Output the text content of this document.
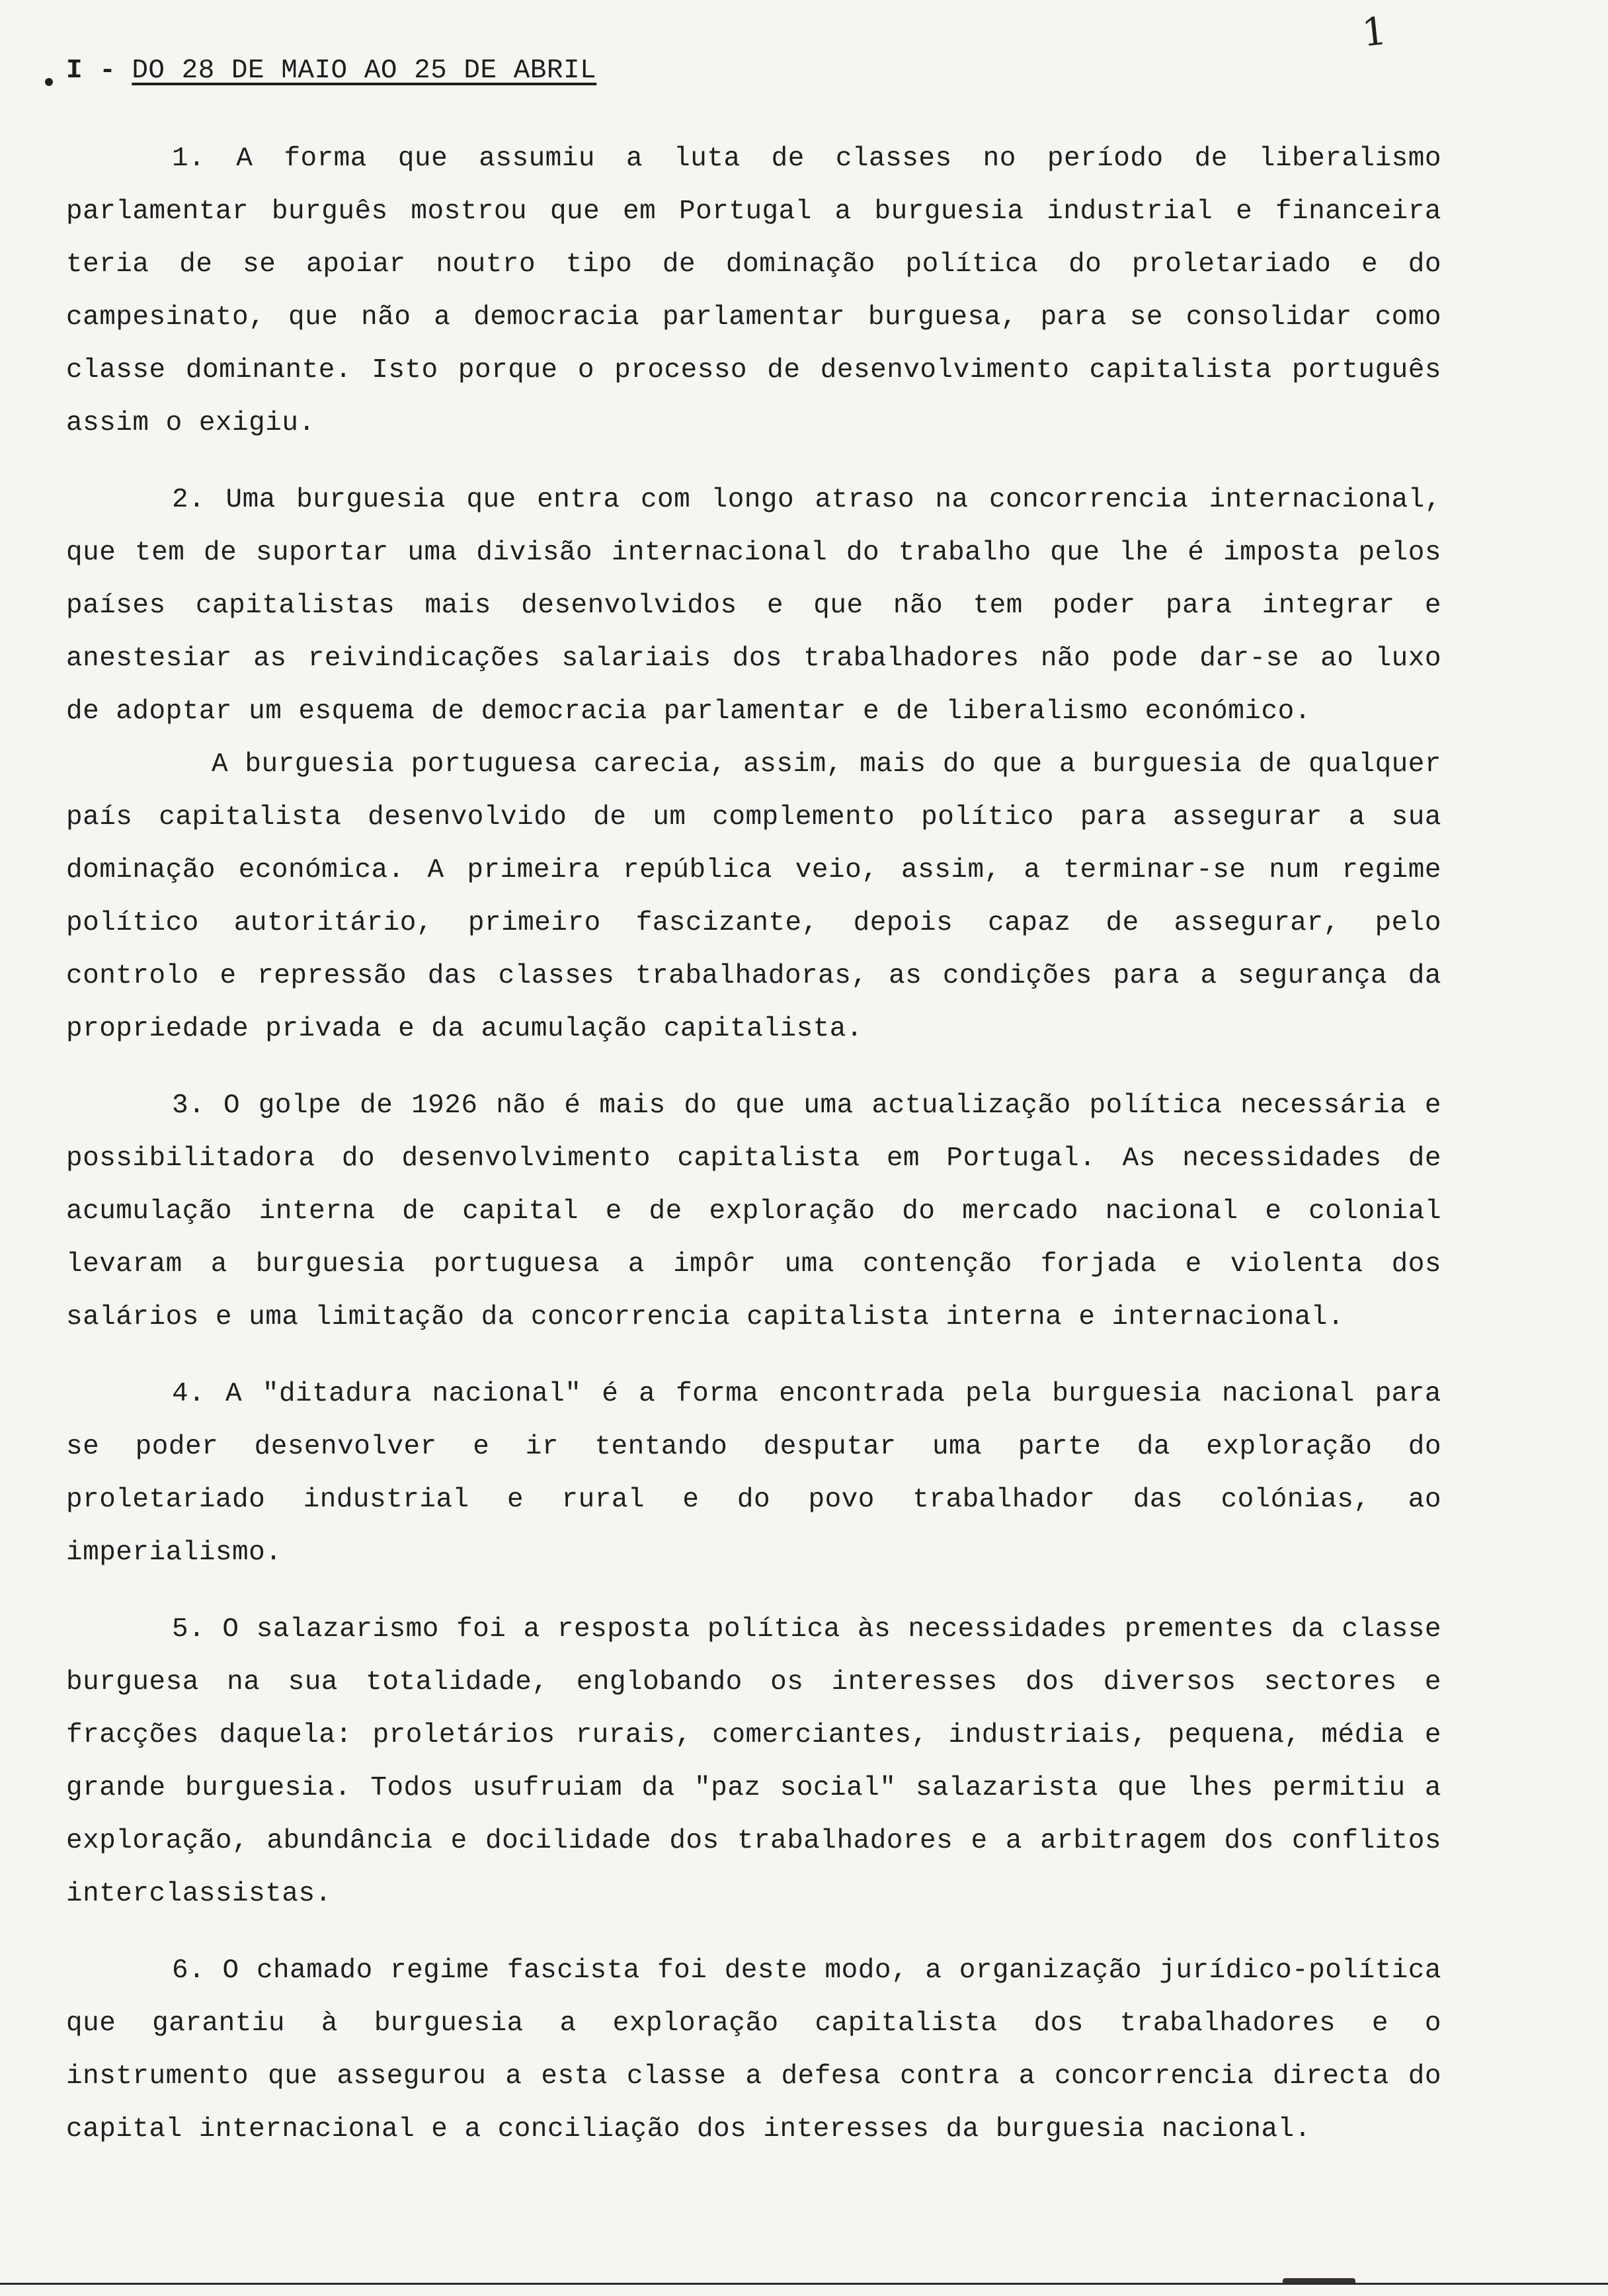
1
I - DO 28 DE MAIO AO 25 DE ABRIL

1. A forma que assumiu a luta de classes no período de liberalismo parlamentar burguês mostrou que em Portugal a burguesia industrial e financeira teria de se apoiar noutro tipo de dominação política do proletariado e do campesinato, que não a democracia parlamentar burguesa, para se consolidar como classe dominante. Isto porque o processo de desenvolvimento capitalista português assim o exigiu.

2. Uma burguesia que entra com longo atraso na concorrencia internacional, que tem de suportar uma divisão internacional do trabalho que lhe é imposta pelos países capitalistas mais desenvolvidos e que não tem poder para integrar e anestesiar as reivindicações salariais dos trabalhadores não pode dar-se ao luxo de adoptar um esquema de democracia parlamentar e de liberalismo económico.

A burguesia portuguesa carecia, assim, mais do que a burguesia de qualquer país capitalista desenvolvido de um complemento político para assegurar a sua dominação económica. A primeira república veio, assim, a terminar-se num regime político autoritário, primeiro fascizante, depois capaz de assegurar, pelo controlo e repressão das classes trabalhadoras, as condições para a segurança da propriedade privada e da acumulação capitalista.

3. O golpe de 1926 não é mais do que uma actualização política necessária e possibilitadora do desenvolvimento capitalista em Portugal. As necessidades de acumulação interna de capital e de exploração do mercado nacional e colonial levaram a burguesia portuguesa a impôr uma contenção forjada e violenta dos salários e uma limitação da concorrencia capitalista interna e internacional.

4. A "ditadura nacional" é a forma encontrada pela burguesia nacional para se poder desenvolver e ir tentando desputar uma parte da exploração do proletariado industrial e rural e do povo trabalhador das colónias, ao imperialismo.

5. O salazarismo foi a resposta política às necessidades prementes da classe burguesa na sua totalidade, englobando os interesses dos diversos sectores e fracções daquela: proletários rurais, comerciantes, industriais, pequena, média e grande burguesia. Todos usufruiam da "paz social" salazarista que lhes permitiu a exploração, abundância e docilidade dos trabalhadores e a arbitragem dos conflitos interclassistas.

6. O chamado regime fascista foi deste modo, a organização jurídico-política que garantiu à burguesia a exploração capitalista dos trabalhadores e o instrumento que assegurou a esta classe a defesa contra a concorrencia directa do capital internacional e a conciliação dos interesses da burguesia nacional.
